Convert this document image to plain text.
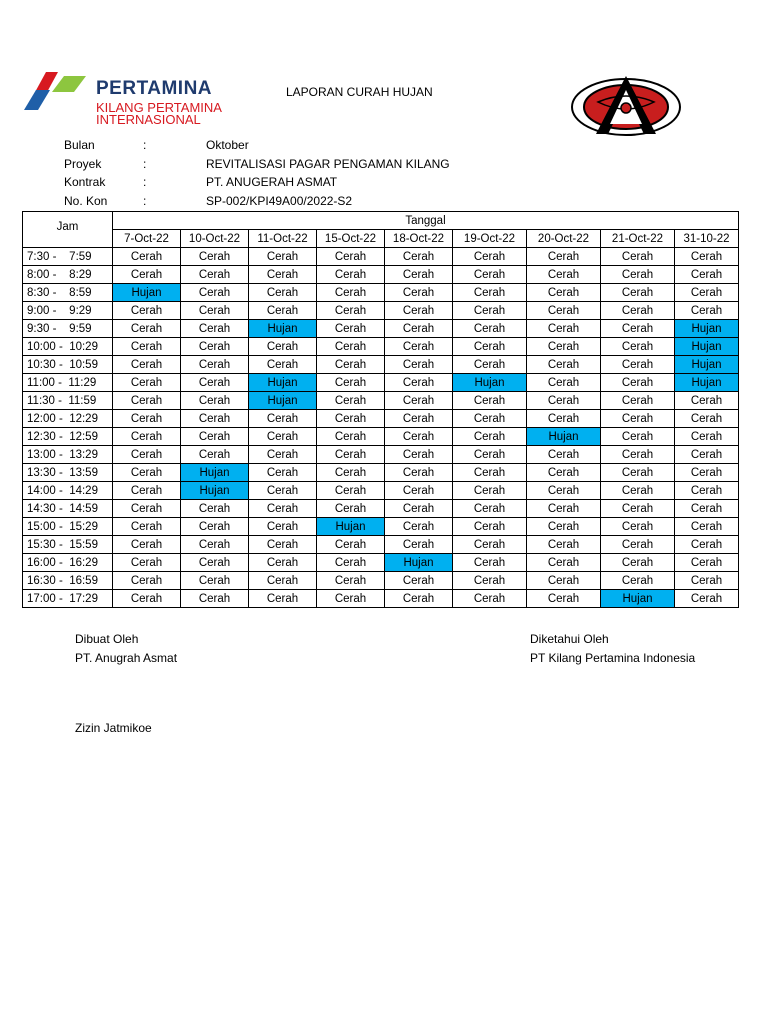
PERTAMINA
KILANG PERTAMINA
INTERNASIONAL
LAPORAN CURAH HUJAN
Bulan	:	Oktober
Proyek	:	REVITALISASI PAGAR PENGAMAN KILANG
Kontrak	:	PT. ANUGERAH ASMAT
No. Kon	:	SP-002/KPI49A00/2022-S2
Jam	Tanggal								
	7-Oct-22	10-Oct-22	11-Oct-22	15-Oct-22	18-Oct-22	19-Oct-22	20-Oct-22	21-Oct-22	31-10-22
7:30 -    7:59	Cerah	Cerah	Cerah	Cerah	Cerah	Cerah	Cerah	Cerah	Cerah
8:00 -    8:29	Cerah	Cerah	Cerah	Cerah	Cerah	Cerah	Cerah	Cerah	Cerah
8:30 -    8:59	Hujan	Cerah	Cerah	Cerah	Cerah	Cerah	Cerah	Cerah	Cerah
9:00 -    9:29	Cerah	Cerah	Cerah	Cerah	Cerah	Cerah	Cerah	Cerah	Cerah
9:30 -    9:59	Cerah	Cerah	Hujan	Cerah	Cerah	Cerah	Cerah	Cerah	Hujan
10:00 -  10:29	Cerah	Cerah	Cerah	Cerah	Cerah	Cerah	Cerah	Cerah	Hujan
10:30 -  10:59	Cerah	Cerah	Cerah	Cerah	Cerah	Cerah	Cerah	Cerah	Hujan
11:00 -  11:29	Cerah	Cerah	Hujan	Cerah	Cerah	Hujan	Cerah	Cerah	Hujan
11:30 -  11:59	Cerah	Cerah	Hujan	Cerah	Cerah	Cerah	Cerah	Cerah	Cerah
12:00 -  12:29	Cerah	Cerah	Cerah	Cerah	Cerah	Cerah	Cerah	Cerah	Cerah
12:30 -  12:59	Cerah	Cerah	Cerah	Cerah	Cerah	Cerah	Hujan	Cerah	Cerah
13:00 -  13:29	Cerah	Cerah	Cerah	Cerah	Cerah	Cerah	Cerah	Cerah	Cerah
13:30 -  13:59	Cerah	Hujan	Cerah	Cerah	Cerah	Cerah	Cerah	Cerah	Cerah
14:00 -  14:29	Cerah	Hujan	Cerah	Cerah	Cerah	Cerah	Cerah	Cerah	Cerah
14:30 -  14:59	Cerah	Cerah	Cerah	Cerah	Cerah	Cerah	Cerah	Cerah	Cerah
15:00 -  15:29	Cerah	Cerah	Cerah	Hujan	Cerah	Cerah	Cerah	Cerah	Cerah
15:30 -  15:59	Cerah	Cerah	Cerah	Cerah	Cerah	Cerah	Cerah	Cerah	Cerah
16:00 -  16:29	Cerah	Cerah	Cerah	Cerah	Hujan	Cerah	Cerah	Cerah	Cerah
16:30 -  16:59	Cerah	Cerah	Cerah	Cerah	Cerah	Cerah	Cerah	Cerah	Cerah
17:00 -  17:29	Cerah	Cerah	Cerah	Cerah	Cerah	Cerah	Cerah	Hujan	Cerah
Dibuat Oleh
PT. Anugrah Asmat
Diketahui Oleh
PT Kilang Pertamina Indonesia
Zizin Jatmikoe
